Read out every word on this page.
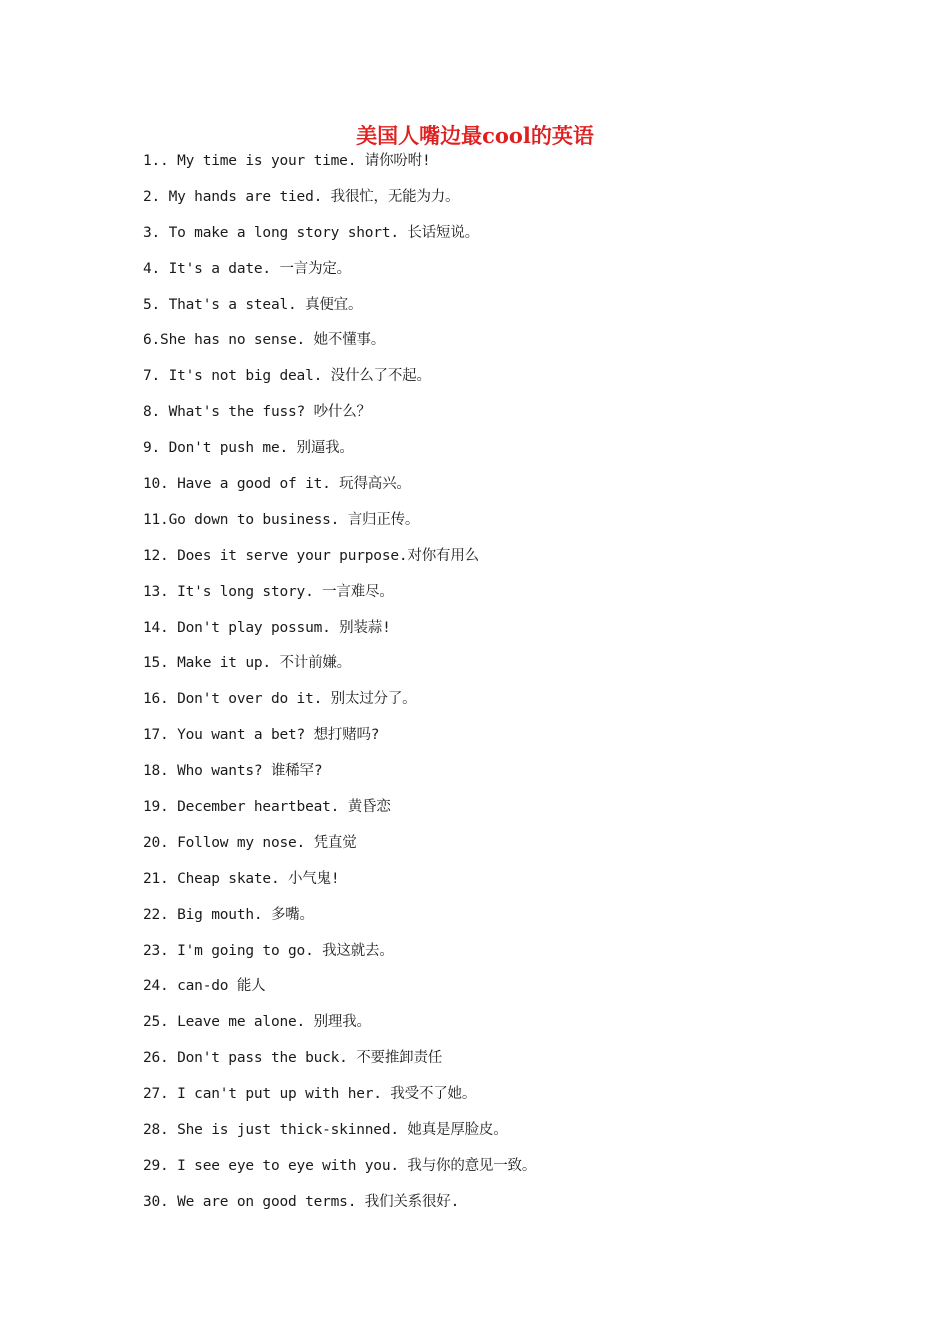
美国人嘴边最cool的英语
1.. My time is your time. 请你吩咐!
2. My hands are tied. 我很忙，无能为力。
3. To make a long story short. 长话短说。
4. It's a date. 一言为定。
5. That's a steal. 真便宜。
6.She has no sense. 她不懂事。
7. It's not big deal. 没什么了不起。
8. What's the fuss? 吵什么？
9. Don't push me. 别逼我。
10. Have a good of it. 玩得高兴。
11.Go down to business. 言归正传。
12. Does it serve your purpose.对你有用么
13. It's long story. 一言难尽。
14. Don't play possum. 别装蒜!
15. Make it up. 不计前嫌。
16. Don't over do it. 别太过分了。
17. You want a bet? 想打赌吗?
18. Who wants? 谁稀罕?
19. December heartbeat. 黄昏恋
20. Follow my nose. 凭直觉
21. Cheap skate. 小气鬼!
22. Big mouth. 多嘴。
23. I'm going to go. 我这就去。
24. can-do 能人
25. Leave me alone. 别理我。
26. Don't pass the buck. 不要推卸责任
27. I can't put up with her. 我受不了她。
28. She is just thick-skinned. 她真是厚脸皮。
29. I see eye to eye with you. 我与你的意见一致。
30. We are on good terms. 我们关系很好.
